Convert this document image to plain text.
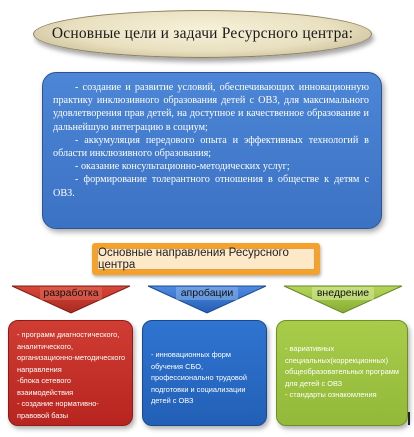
Основные цели и задачи Ресурсного центра:

- создание и развитие условий, обеспечивающих инновационную практику инклюзивного образования детей с ОВЗ, для максимального удовлетворения прав детей, на доступное и качественное образование и дальнейшую интеграцию в социум;

- аккумуляция передового опыта и эффективных технологий в области инклюзивного образования;

- оказание консультационно-методических услуг;

- формирование толерантного отношения в обществе к детям с ОВЗ.

Основные направления Ресурсного центра
разработка	апробации	внедрение

- программ диагностического, аналитического, организационно-методического направления

-блока сетевого взаимодействия

- создание нормативно-правовой базы

- инновационных форм обучения СБО, профессионально трудовой подготовки и социализации детей с ОВЗ

- вариативных специальных(коррекционных) общеобразовательных программ для детей с ОВЗ

- стандарты ознакомления
